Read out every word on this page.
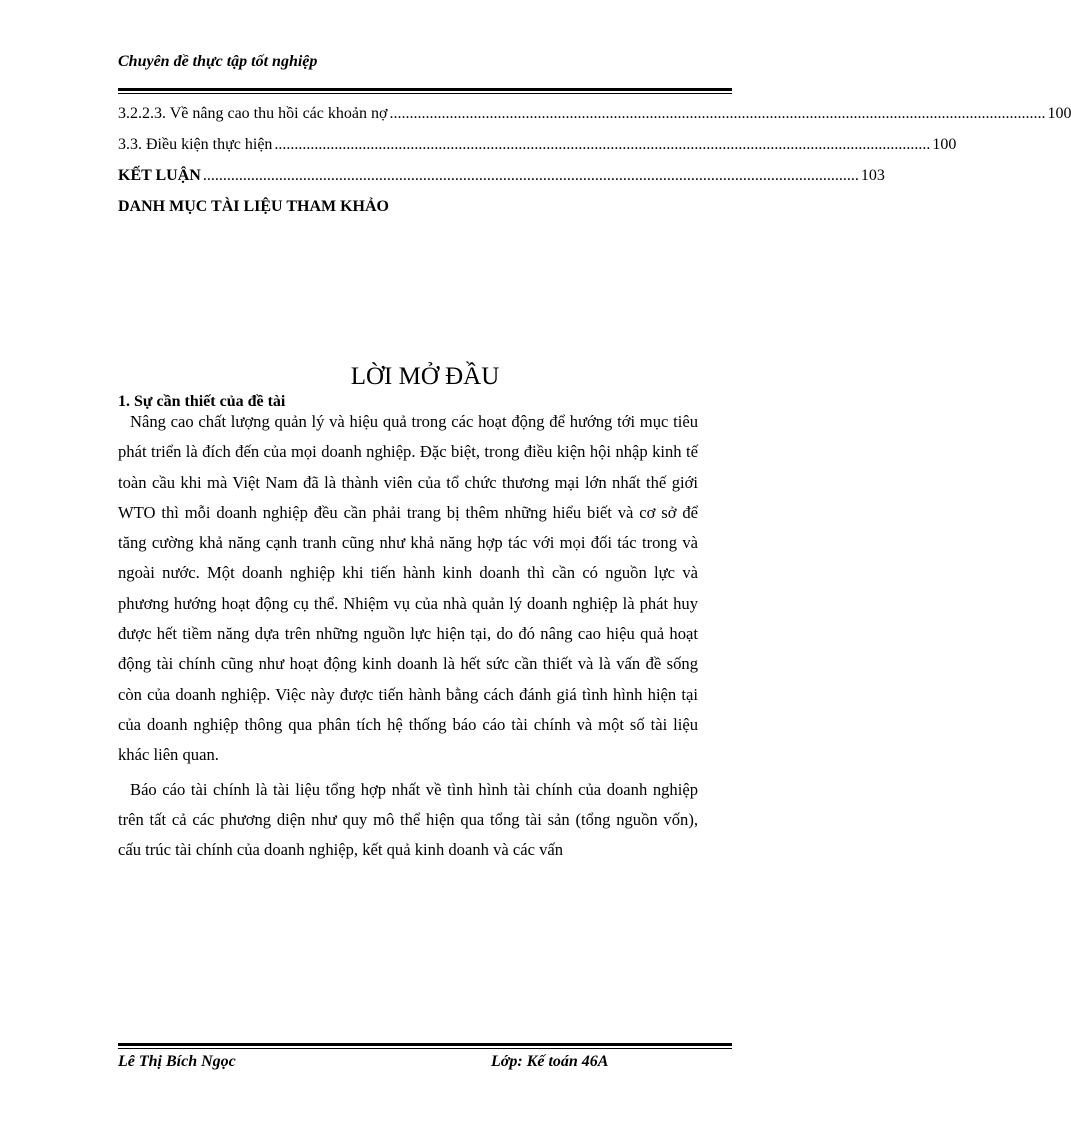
Chuyên đề thực tập tốt nghiệp
3.2.2.3. Về nâng cao thu hồi các khoản nợ .................................................................................................................................................................... 100
3.3. Điều kiện thực hiện .................................................................................................................................................................... 100
KẾT LUẬN .................................................................................................................................................................... 103
DANH MỤC TÀI LIỆU THAM KHẢO
LỜI MỞ ĐẦU
1. Sự cần thiết của đề tài

Nâng cao chất lượng quản lý và hiệu quả trong các hoạt động để hướng tới mục tiêu phát triển là đích đến của mọi doanh nghiệp. Đặc biệt, trong điều kiện hội nhập kinh tế toàn cầu khi mà Việt Nam đã là thành viên của tổ chức thương mại lớn nhất thế giới WTO thì mỗi doanh nghiệp đều cần phải trang bị thêm những hiểu biết và cơ sở để tăng cường khả năng cạnh tranh cũng như khả năng hợp tác với mọi đối tác trong và ngoài nước. Một doanh nghiệp khi tiến hành kinh doanh thì cần có nguồn lực và phương hướng hoạt động cụ thể. Nhiệm vụ của nhà quản lý doanh nghiệp là phát huy được hết tiềm năng dựa trên những nguồn lực hiện tại, do đó nâng cao hiệu quả hoạt động tài chính cũng như hoạt động kinh doanh là hết sức cần thiết và là vấn đề sống còn của doanh nghiệp. Việc này được tiến hành bằng cách đánh giá tình hình hiện tại của doanh nghiệp thông qua phân tích hệ thống báo cáo tài chính và một số tài liệu khác liên quan.

Báo cáo tài chính là tài liệu tổng hợp nhất về tình hình tài chính của doanh nghiệp trên tất cả các phương diện như quy mô thể hiện qua tổng tài sản (tổng nguồn vốn), cấu trúc tài chính của doanh nghiệp, kết quả kinh doanh và các vấn

Lê Thị Bích Ngọc	Lớp: Kế toán 46A
